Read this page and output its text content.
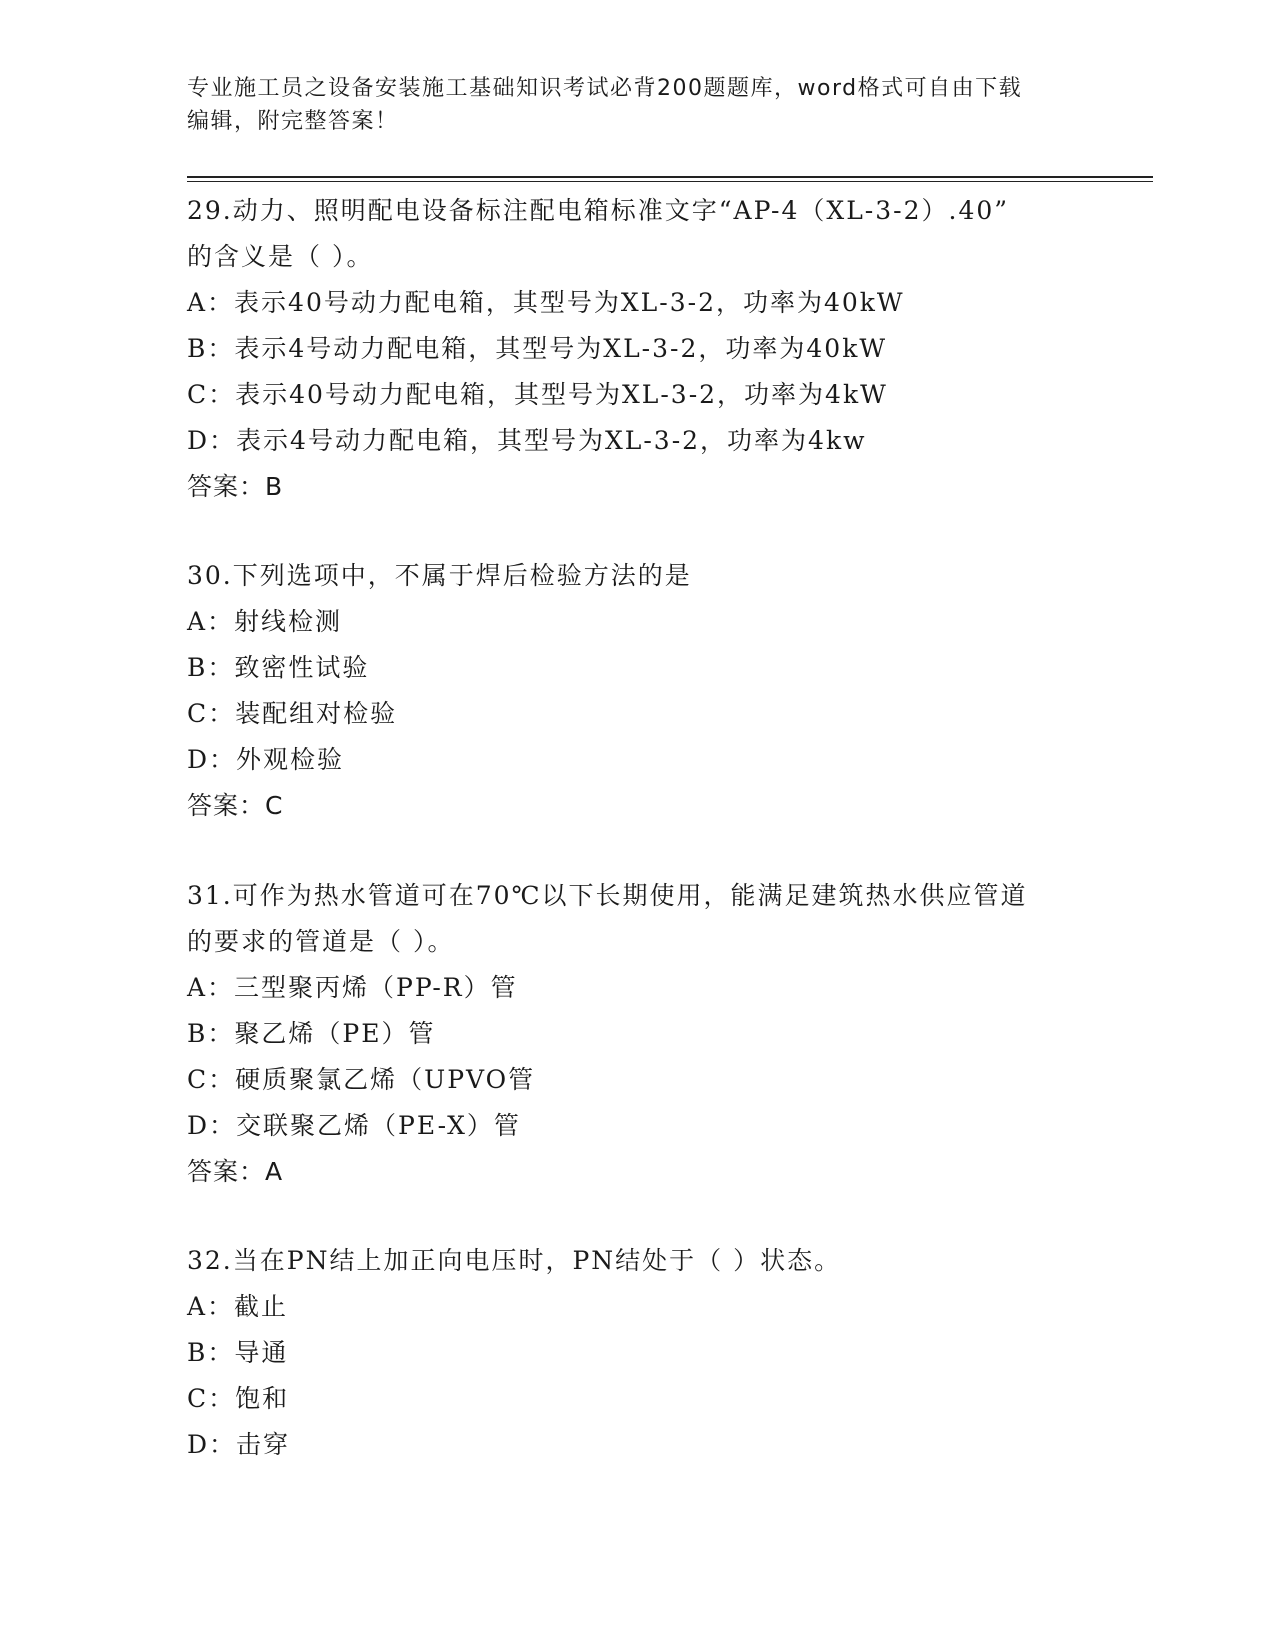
专业施工员之设备安装施工基础知识考试必背200题题库，word格式可自由下载
编辑，附完整答案！
29.动力、照明配电设备标注配电箱标准文字“AP-4（XL-3-2）.40”
的含义是（ ）。
A：表示40号动力配电箱，其型号为XL-3-2，功率为40kW
B：表示4号动力配电箱，其型号为XL-3-2，功率为40kW
C：表示40号动力配电箱，其型号为XL-3-2，功率为4kW
D：表示4号动力配电箱，其型号为XL-3-2，功率为4kw
答案：B
30.下列选项中，不属于焊后检验方法的是
A：射线检测
B：致密性试验
C：装配组对检验
D：外观检验
答案：C
31.可作为热水管道可在70℃以下长期使用，能满足建筑热水供应管道
的要求的管道是（ ）。
A：三型聚丙烯（PP-R）管
B：聚乙烯（PE）管
C：硬质聚氯乙烯（UPVO管
D：交联聚乙烯（PE-X）管
答案：A
32.当在PN结上加正向电压时，PN结处于（ ）状态。
A：截止
B：导通
C：饱和
D：击穿
